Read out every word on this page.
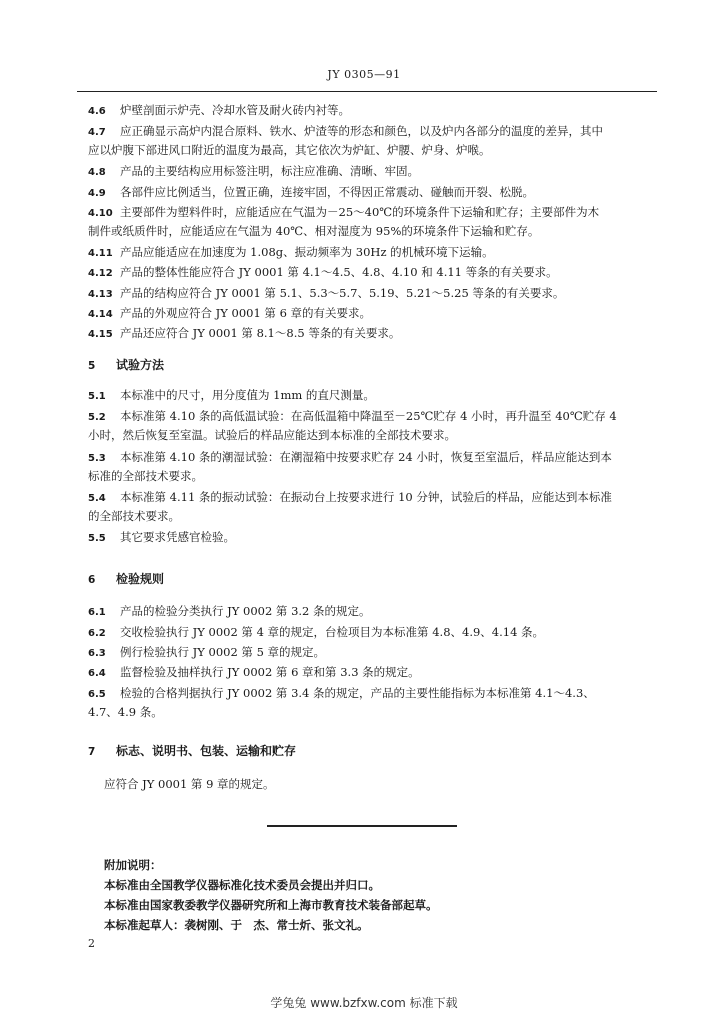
JY 0305—91
4.6 炉壁剖面示炉壳、冷却水管及耐火砖内衬等。
4.7 应正确显示高炉内混合原料、铁水、炉渣等的形态和颜色，以及炉内各部分的温度的差异，其中
应以炉腹下部进风口附近的温度为最高，其它依次为炉缸、炉腰、炉身、炉喉。
4.8 产品的主要结构应用标签注明，标注应准确、清晰、牢固。
4.9 各部件应比例适当，位置正确，连接牢固，不得因正常震动、碰触而开裂、松脱。
4.10 主要部件为塑料件时，应能适应在气温为－25～40℃的环境条件下运输和贮存；主要部件为木
制件或纸质件时，应能适应在气温为 40℃、相对湿度为 95%的环境条件下运输和贮存。
4.11 产品应能适应在加速度为 1.08g、振动频率为 30Hz 的机械环境下运输。
4.12 产品的整体性能应符合 JY 0001 第 4.1～4.5、4.8、4.10 和 4.11 等条的有关要求。
4.13 产品的结构应符合 JY 0001 第 5.1、5.3～5.7、5.19、5.21～5.25 等条的有关要求。
4.14 产品的外观应符合 JY 0001 第 6 章的有关要求。
4.15 产品还应符合 JY 0001 第 8.1～8.5 等条的有关要求。
5 试验方法
5.1 本标准中的尺寸，用分度值为 1mm 的直尺测量。
5.2 本标准第 4.10 条的高低温试验：在高低温箱中降温至－25℃贮存 4 小时，再升温至 40℃贮存 4
小时，然后恢复至室温。试验后的样品应能达到本标准的全部技术要求。
5.3 本标准第 4.10 条的潮湿试验：在潮湿箱中按要求贮存 24 小时，恢复至室温后，样品应能达到本
标准的全部技术要求。
5.4 本标准第 4.11 条的振动试验：在振动台上按要求进行 10 分钟，试验后的样品，应能达到本标准
的全部技术要求。
5.5 其它要求凭感官检验。
6 检验规则
6.1 产品的检验分类执行 JY 0002 第 3.2 条的规定。
6.2 交收检验执行 JY 0002 第 4 章的规定，台检项目为本标准第 4.8、4.9、4.14 条。
6.3 例行检验执行 JY 0002 第 5 章的规定。
6.4 监督检验及抽样执行 JY 0002 第 6 章和第 3.3 条的规定。
6.5 检验的合格判据执行 JY 0002 第 3.4 条的规定，产品的主要性能指标为本标准第 4.1～4.3、
4.7、4.9 条。
7 标志、说明书、包装、运输和贮存
应符合 JY 0001 第 9 章的规定。
附加说明：
本标准由全国教学仪器标准化技术委员会提出并归口。
本标准由国家教委教学仪器研究所和上海市教育技术装备部起草。
本标准起草人：袭树刚、于　杰、常士炘、张文礼。
2
学兔兔 www.bzfxw.com 标准下载
